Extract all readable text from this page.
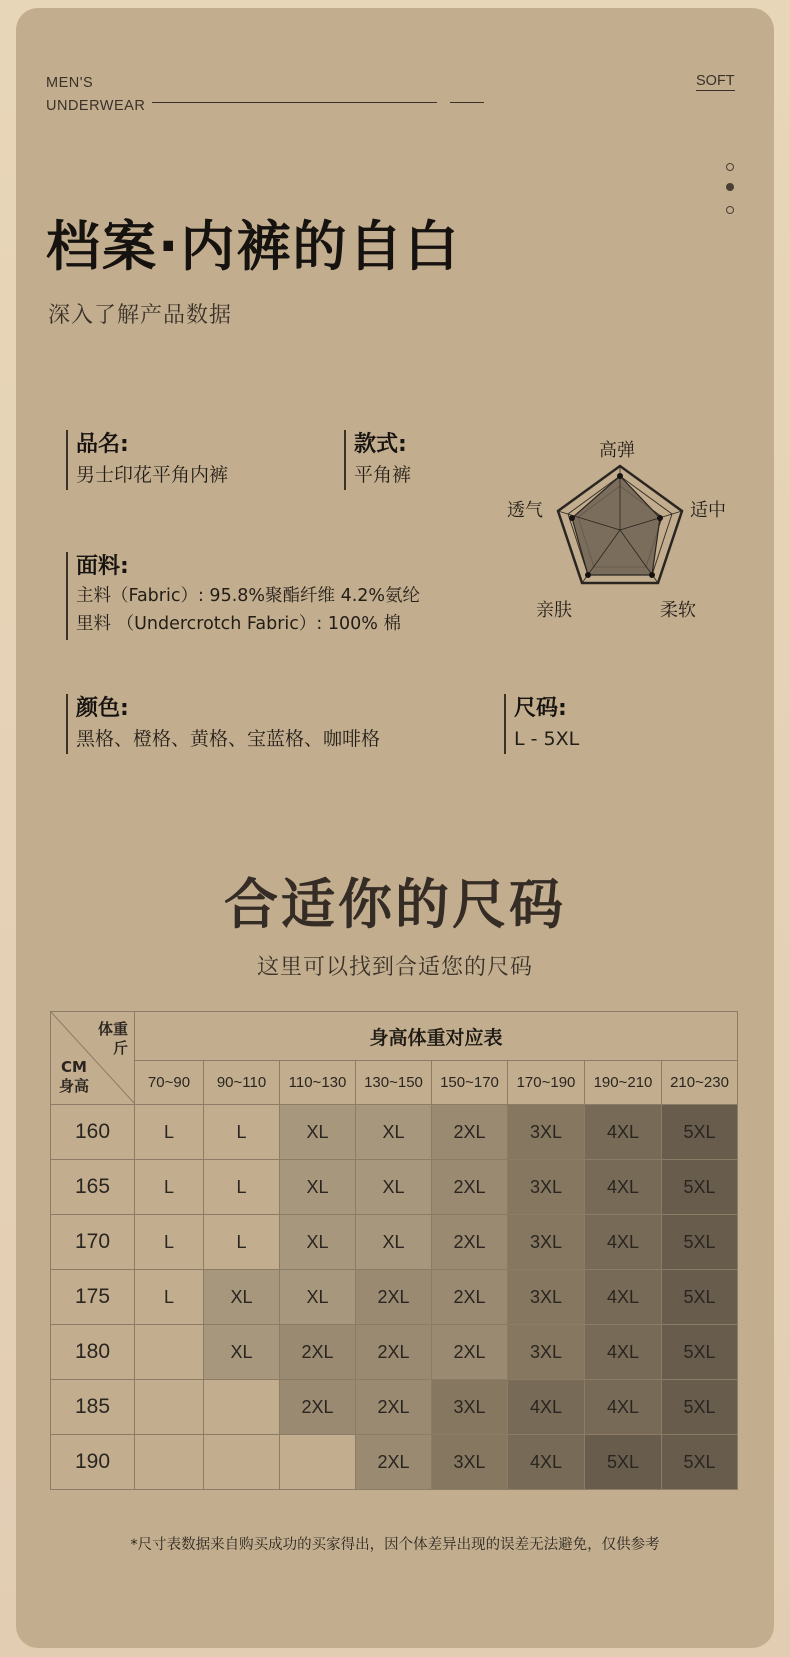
MEN'S
UNDERWEAR
SOFT
档案·内裤的自白
深入了解产品数据
品名:
男士印花平角内裤
款式:
平角裤
面料:
主料（Fabric）: 95.8%聚酯纤维 4.2%氨纶
里料 （Undercrotch Fabric）: 100% 棉
颜色:
黑格、橙格、黄格、宝蓝格、咖啡格
尺码:
L - 5XL
高弹
适中
柔软
亲肤
透气
合适你的尺码
这里可以找到合适您的尺码
体重
斤
CM
身高	身高体重对应表							
	70~90	90~110	110~130	130~150	150~170	170~190	190~210	210~230
160	L	L	XL	XL	2XL	3XL	4XL	5XL
165	L	L	XL	XL	2XL	3XL	4XL	5XL
170	L	L	XL	XL	2XL	3XL	4XL	5XL
175	L	XL	XL	2XL	2XL	3XL	4XL	5XL
180		XL	2XL	2XL	2XL	3XL	4XL	5XL
185			2XL	2XL	3XL	4XL	4XL	5XL
190				2XL	3XL	4XL	5XL	5XL
*尺寸表数据来自购买成功的买家得出，因个体差异出现的误差无法避免，仅供参考
